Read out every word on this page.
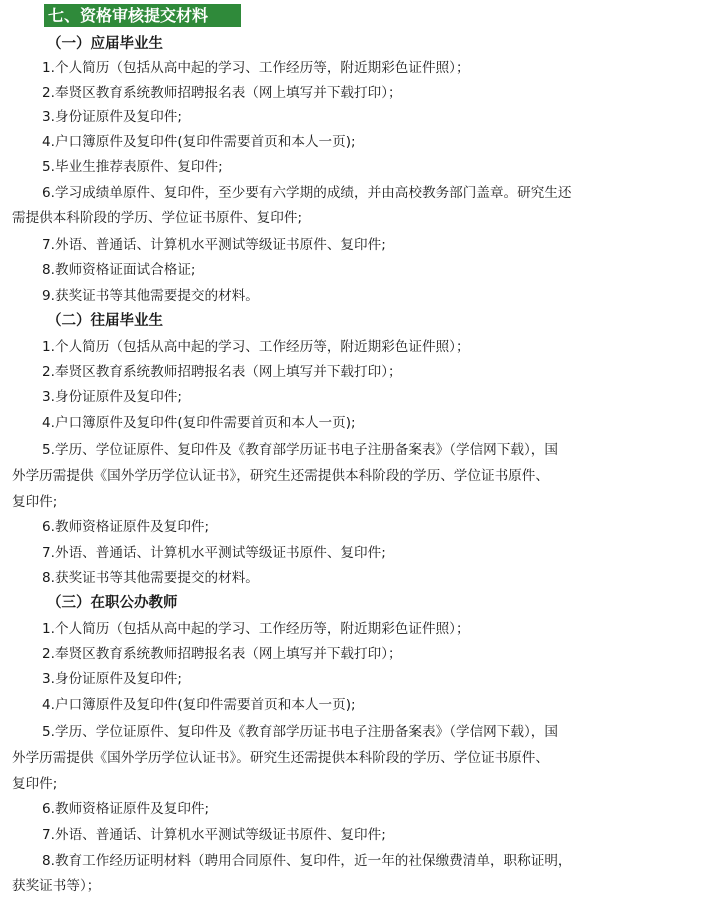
七、资格审核提交材料
（一）应届毕业生
1.个人简历（包括从高中起的学习、工作经历等，附近期彩色证件照）；
2.奉贤区教育系统教师招聘报名表（网上填写并下载打印）；
3.身份证原件及复印件;
4.户口簿原件及复印件(复印件需要首页和本人一页);
5.毕业生推荐表原件、复印件;
6.学习成绩单原件、复印件，至少要有六学期的成绩，并由高校教务部门盖章。研究生还
需提供本科阶段的学历、学位证书原件、复印件;
7.外语、普通话、计算机水平测试等级证书原件、复印件;
8.教师资格证面试合格证;
9.获奖证书等其他需要提交的材料。
（二）往届毕业生
1.个人简历（包括从高中起的学习、工作经历等，附近期彩色证件照）；
2.奉贤区教育系统教师招聘报名表（网上填写并下载打印）；
3.身份证原件及复印件;
4.户口簿原件及复印件(复印件需要首页和本人一页);
5.学历、学位证原件、复印件及《教育部学历证书电子注册备案表》（学信网下载），国
外学历需提供《国外学历学位认证书》，研究生还需提供本科阶段的学历、学位证书原件、
复印件;
6.教师资格证原件及复印件;
7.外语、普通话、计算机水平测试等级证书原件、复印件;
8.获奖证书等其他需要提交的材料。
（三）在职公办教师
1.个人简历（包括从高中起的学习、工作经历等，附近期彩色证件照）；
2.奉贤区教育系统教师招聘报名表（网上填写并下载打印）；
3.身份证原件及复印件;
4.户口簿原件及复印件(复印件需要首页和本人一页);
5.学历、学位证原件、复印件及《教育部学历证书电子注册备案表》（学信网下载），国
外学历需提供《国外学历学位认证书》。研究生还需提供本科阶段的学历、学位证书原件、
复印件;
6.教师资格证原件及复印件;
7.外语、普通话、计算机水平测试等级证书原件、复印件;
8.教育工作经历证明材料（聘用合同原件、复印件，近一年的社保缴费清单，职称证明，
获奖证书等）；
